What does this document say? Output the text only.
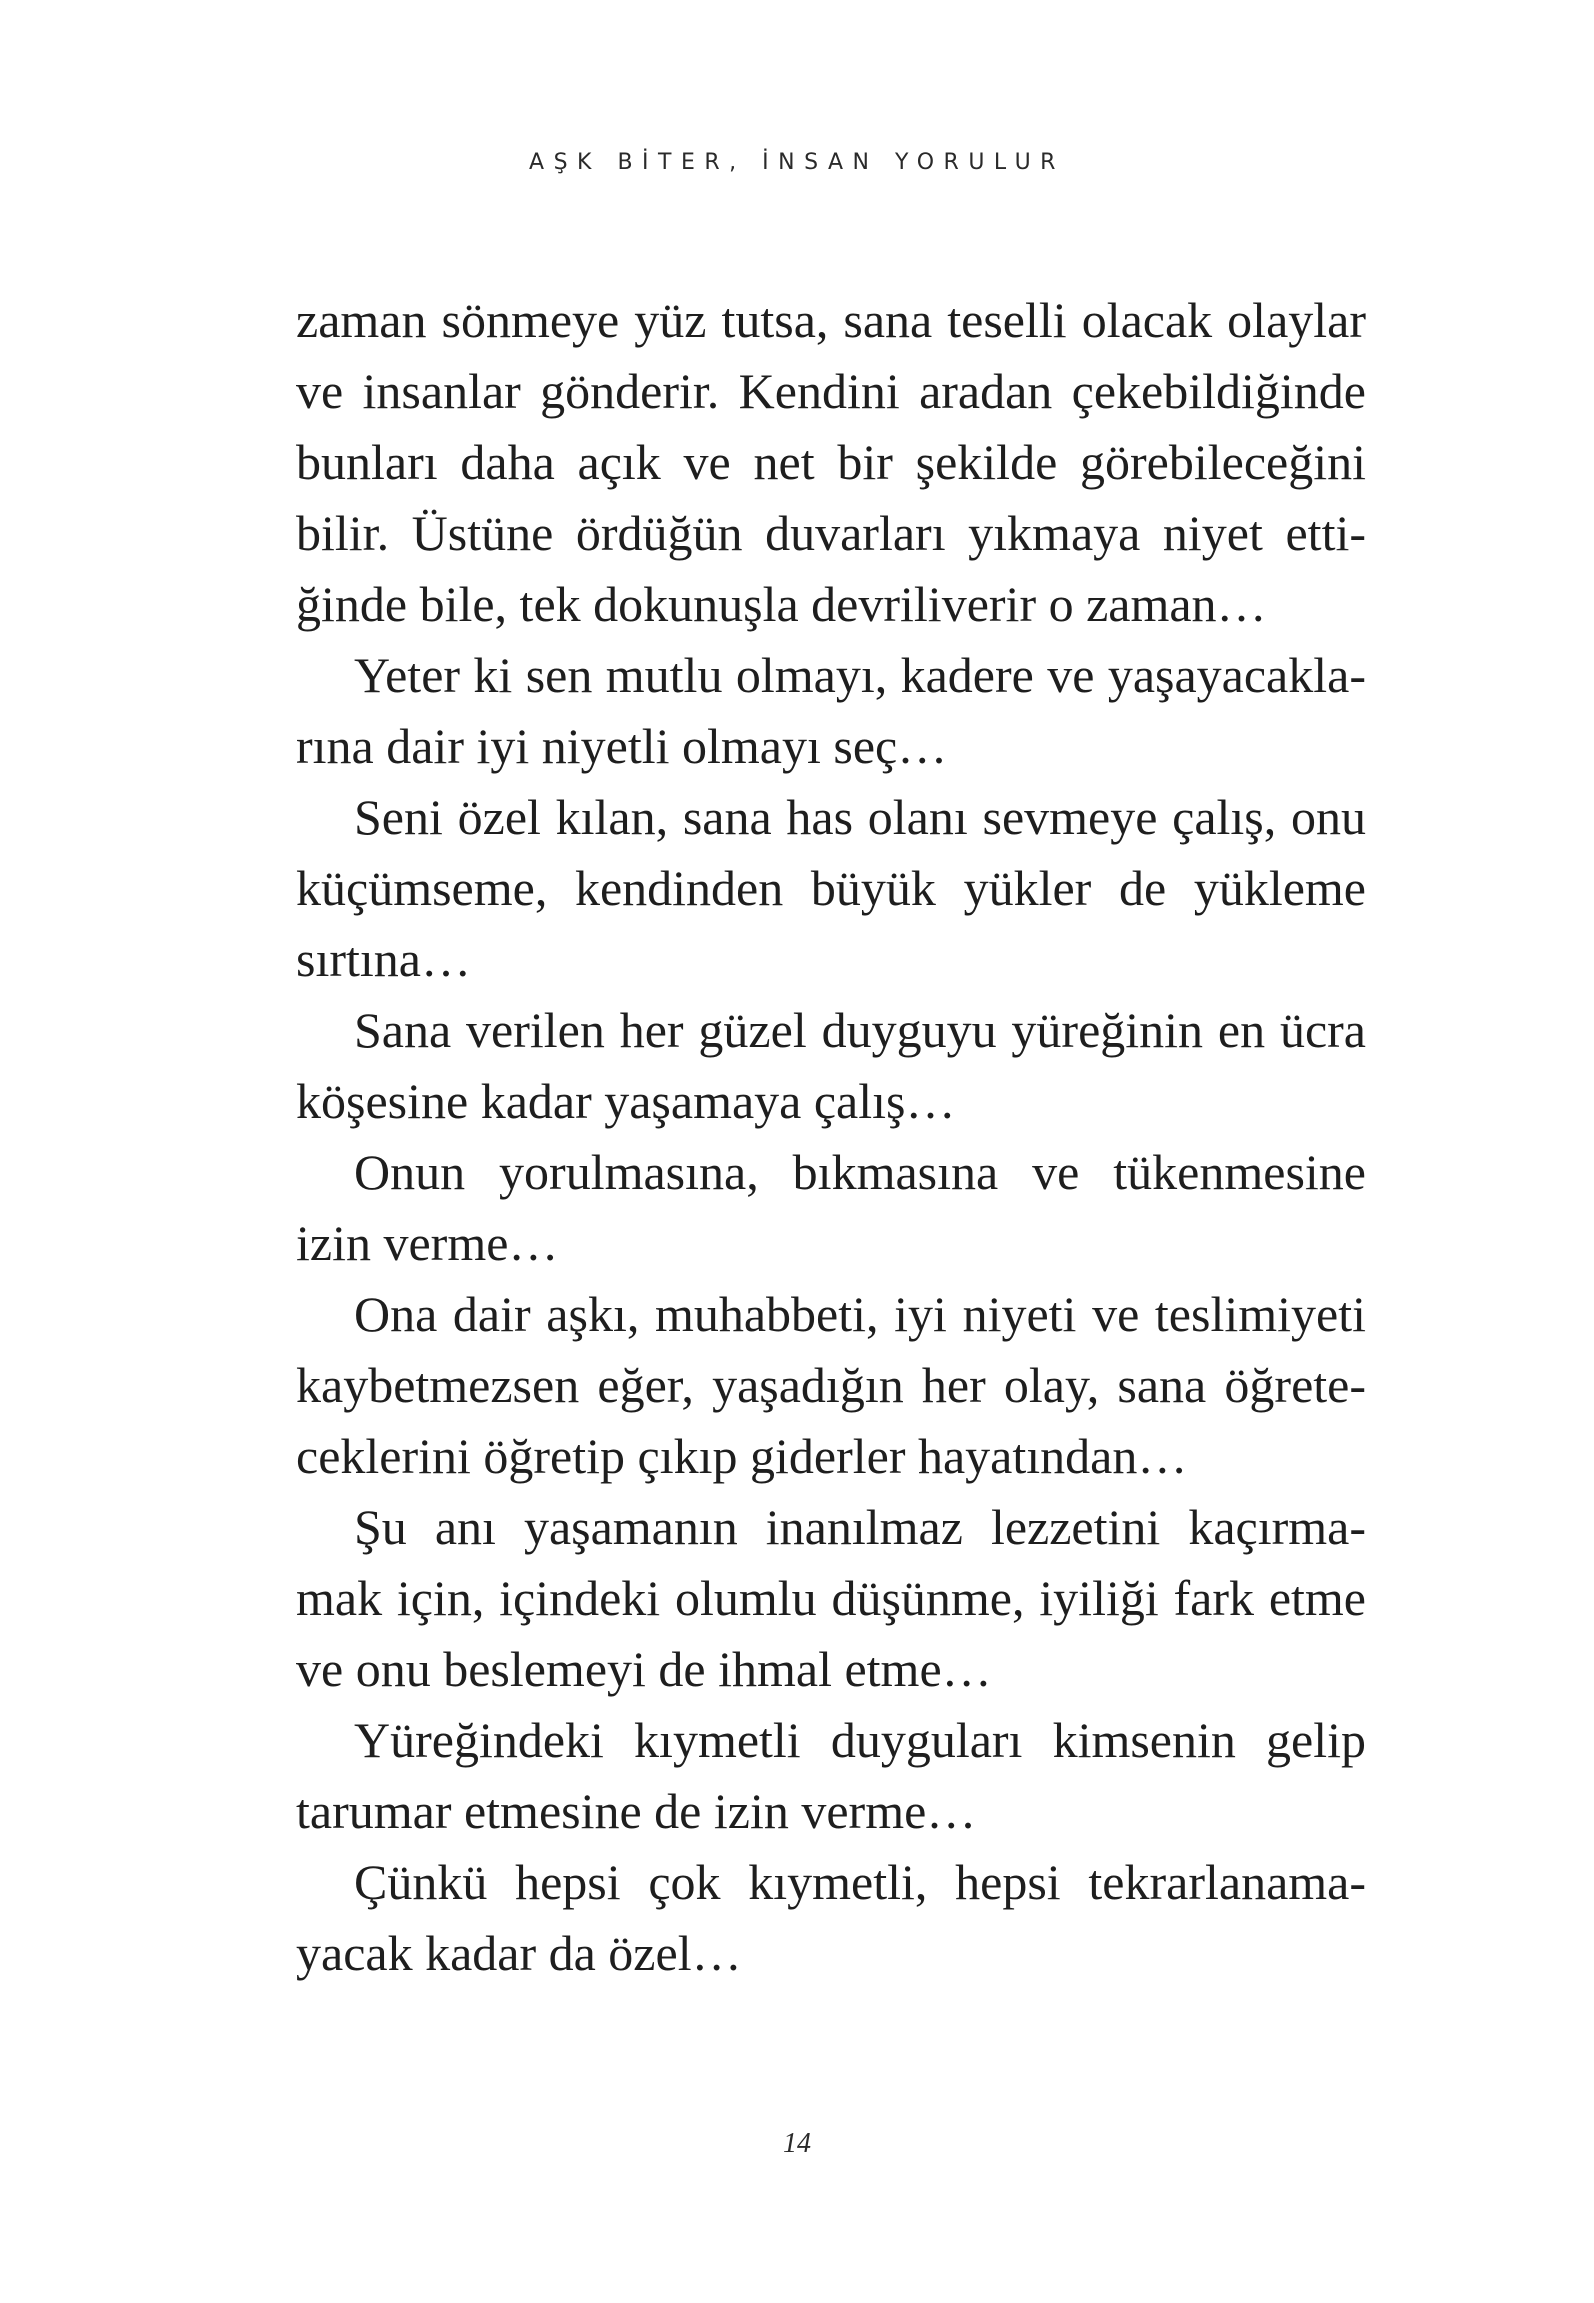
AŞK BİTER, İNSAN YORULUR
zaman sönmeye yüz tutsa, sana teselli olacak olaylar
ve insanlar gönderir. Kendini aradan çekebildiğinde
bunları daha açık ve net bir şekilde görebileceğini
bilir. Üstüne ördüğün duvarları yıkmaya niyet etti-
ğinde bile, tek dokunuşla devriliverir o zaman…
Yeter ki sen mutlu olmayı, kadere ve yaşayacakla-
rına dair iyi niyetli olmayı seç…
Seni özel kılan, sana has olanı sevmeye çalış, onu
küçümseme, kendinden büyük yükler de yükleme
sırtına…
Sana verilen her güzel duyguyu yüreğinin en ücra
köşesine kadar yaşamaya çalış…
Onun yorulmasına, bıkmasına ve tükenmesine
izin verme…
Ona dair aşkı, muhabbeti, iyi niyeti ve teslimiyeti
kaybetmezsen eğer, yaşadığın her olay, sana öğrete-
ceklerini öğretip çıkıp giderler hayatından…
Şu anı yaşamanın inanılmaz lezzetini kaçırma-
mak için, içindeki olumlu düşünme, iyiliği fark etme
ve onu beslemeyi de ihmal etme…
Yüreğindeki kıymetli duyguları kimsenin gelip
tarumar etmesine de izin verme…
Çünkü hepsi çok kıymetli, hepsi tekrarlanama-
yacak kadar da özel…
14
